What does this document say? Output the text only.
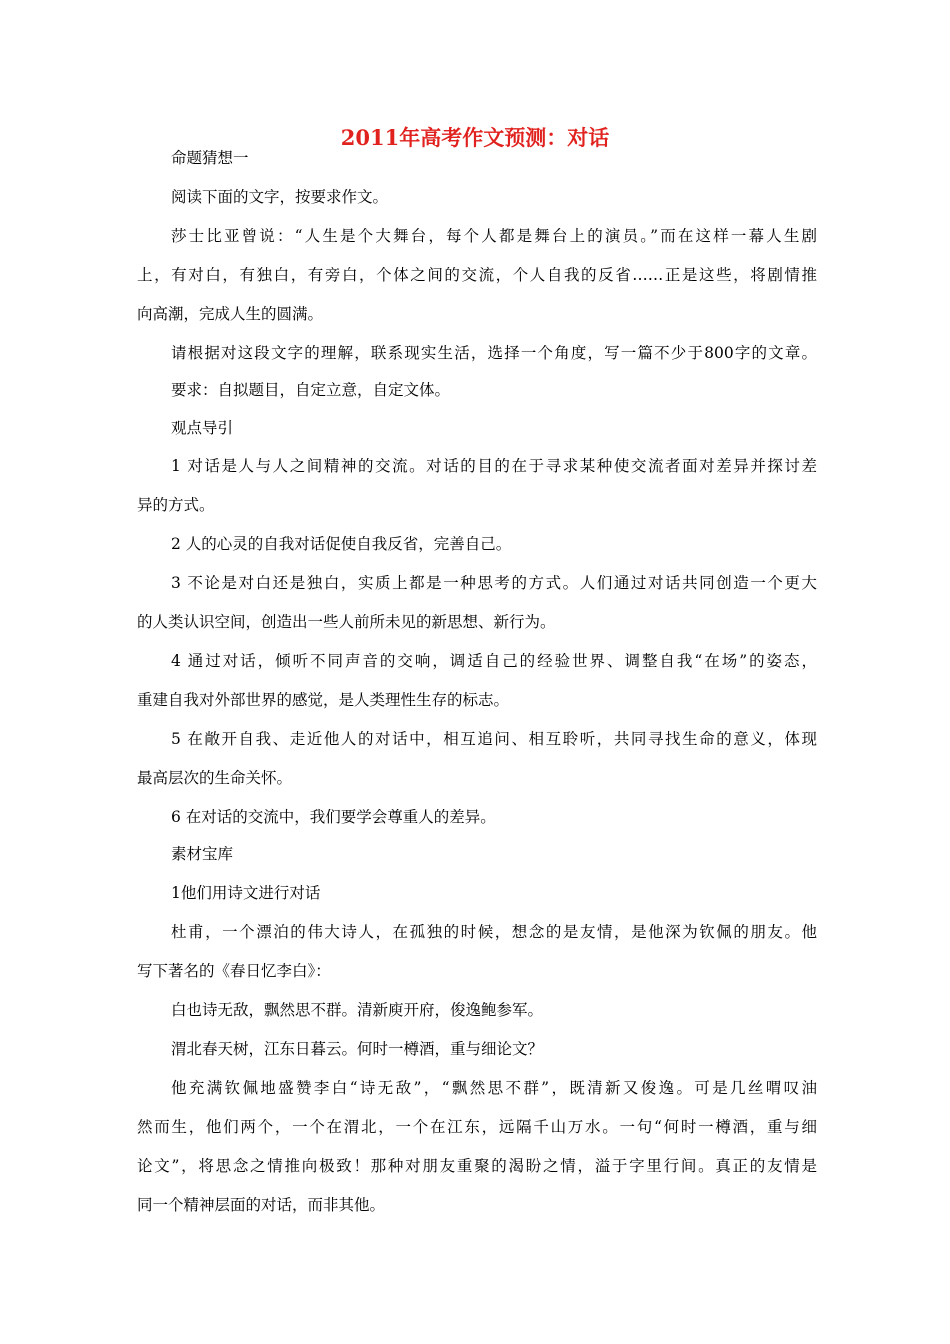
2011年高考作文预测：对话
命题猜想一
阅读下面的文字，按要求作文。
莎士比亚曾说：“人生是个大舞台，每个人都是舞台上的演员。”而在这样一幕人生剧
上，有对白，有独白，有旁白，个体之间的交流，个人自我的反省……正是这些，将剧情推
向高潮，完成人生的圆满。
请根据对这段文字的理解，联系现实生活，选择一个角度，写一篇不少于800字的文章。
要求：自拟题目，自定立意，自定文体。
观点导引
1 对话是人与人之间精神的交流。对话的目的在于寻求某种使交流者面对差异并探讨差
异的方式。
2 人的心灵的自我对话促使自我反省，完善自己。
3 不论是对白还是独白，实质上都是一种思考的方式。人们通过对话共同创造一个更大
的人类认识空间，创造出一些人前所未见的新思想、新行为。
4 通过对话，倾听不同声音的交响，调适自己的经验世界、调整自我“在场”的姿态，
重建自我对外部世界的感觉，是人类理性生存的标志。
5 在敞开自我、走近他人的对话中，相互追问、相互聆听，共同寻找生命的意义，体现
最高层次的生命关怀。
6 在对话的交流中，我们要学会尊重人的差异。
素材宝库
1他们用诗文进行对话
杜甫，一个漂泊的伟大诗人，在孤独的时候，想念的是友情，是他深为钦佩的朋友。他
写下著名的《春日忆李白》：
白也诗无敌，飘然思不群。清新庾开府，俊逸鲍参军。
渭北春天树，江东日暮云。何时一樽酒，重与细论文？
他充满钦佩地盛赞李白“诗无敌”，“飘然思不群”，既清新又俊逸。可是几丝喟叹油
然而生，他们两个，一个在渭北，一个在江东，远隔千山万水。一句“何时一樽酒，重与细
论文”，将思念之情推向极致！那种对朋友重聚的渴盼之情，溢于字里行间。真正的友情是
同一个精神层面的对话，而非其他。
